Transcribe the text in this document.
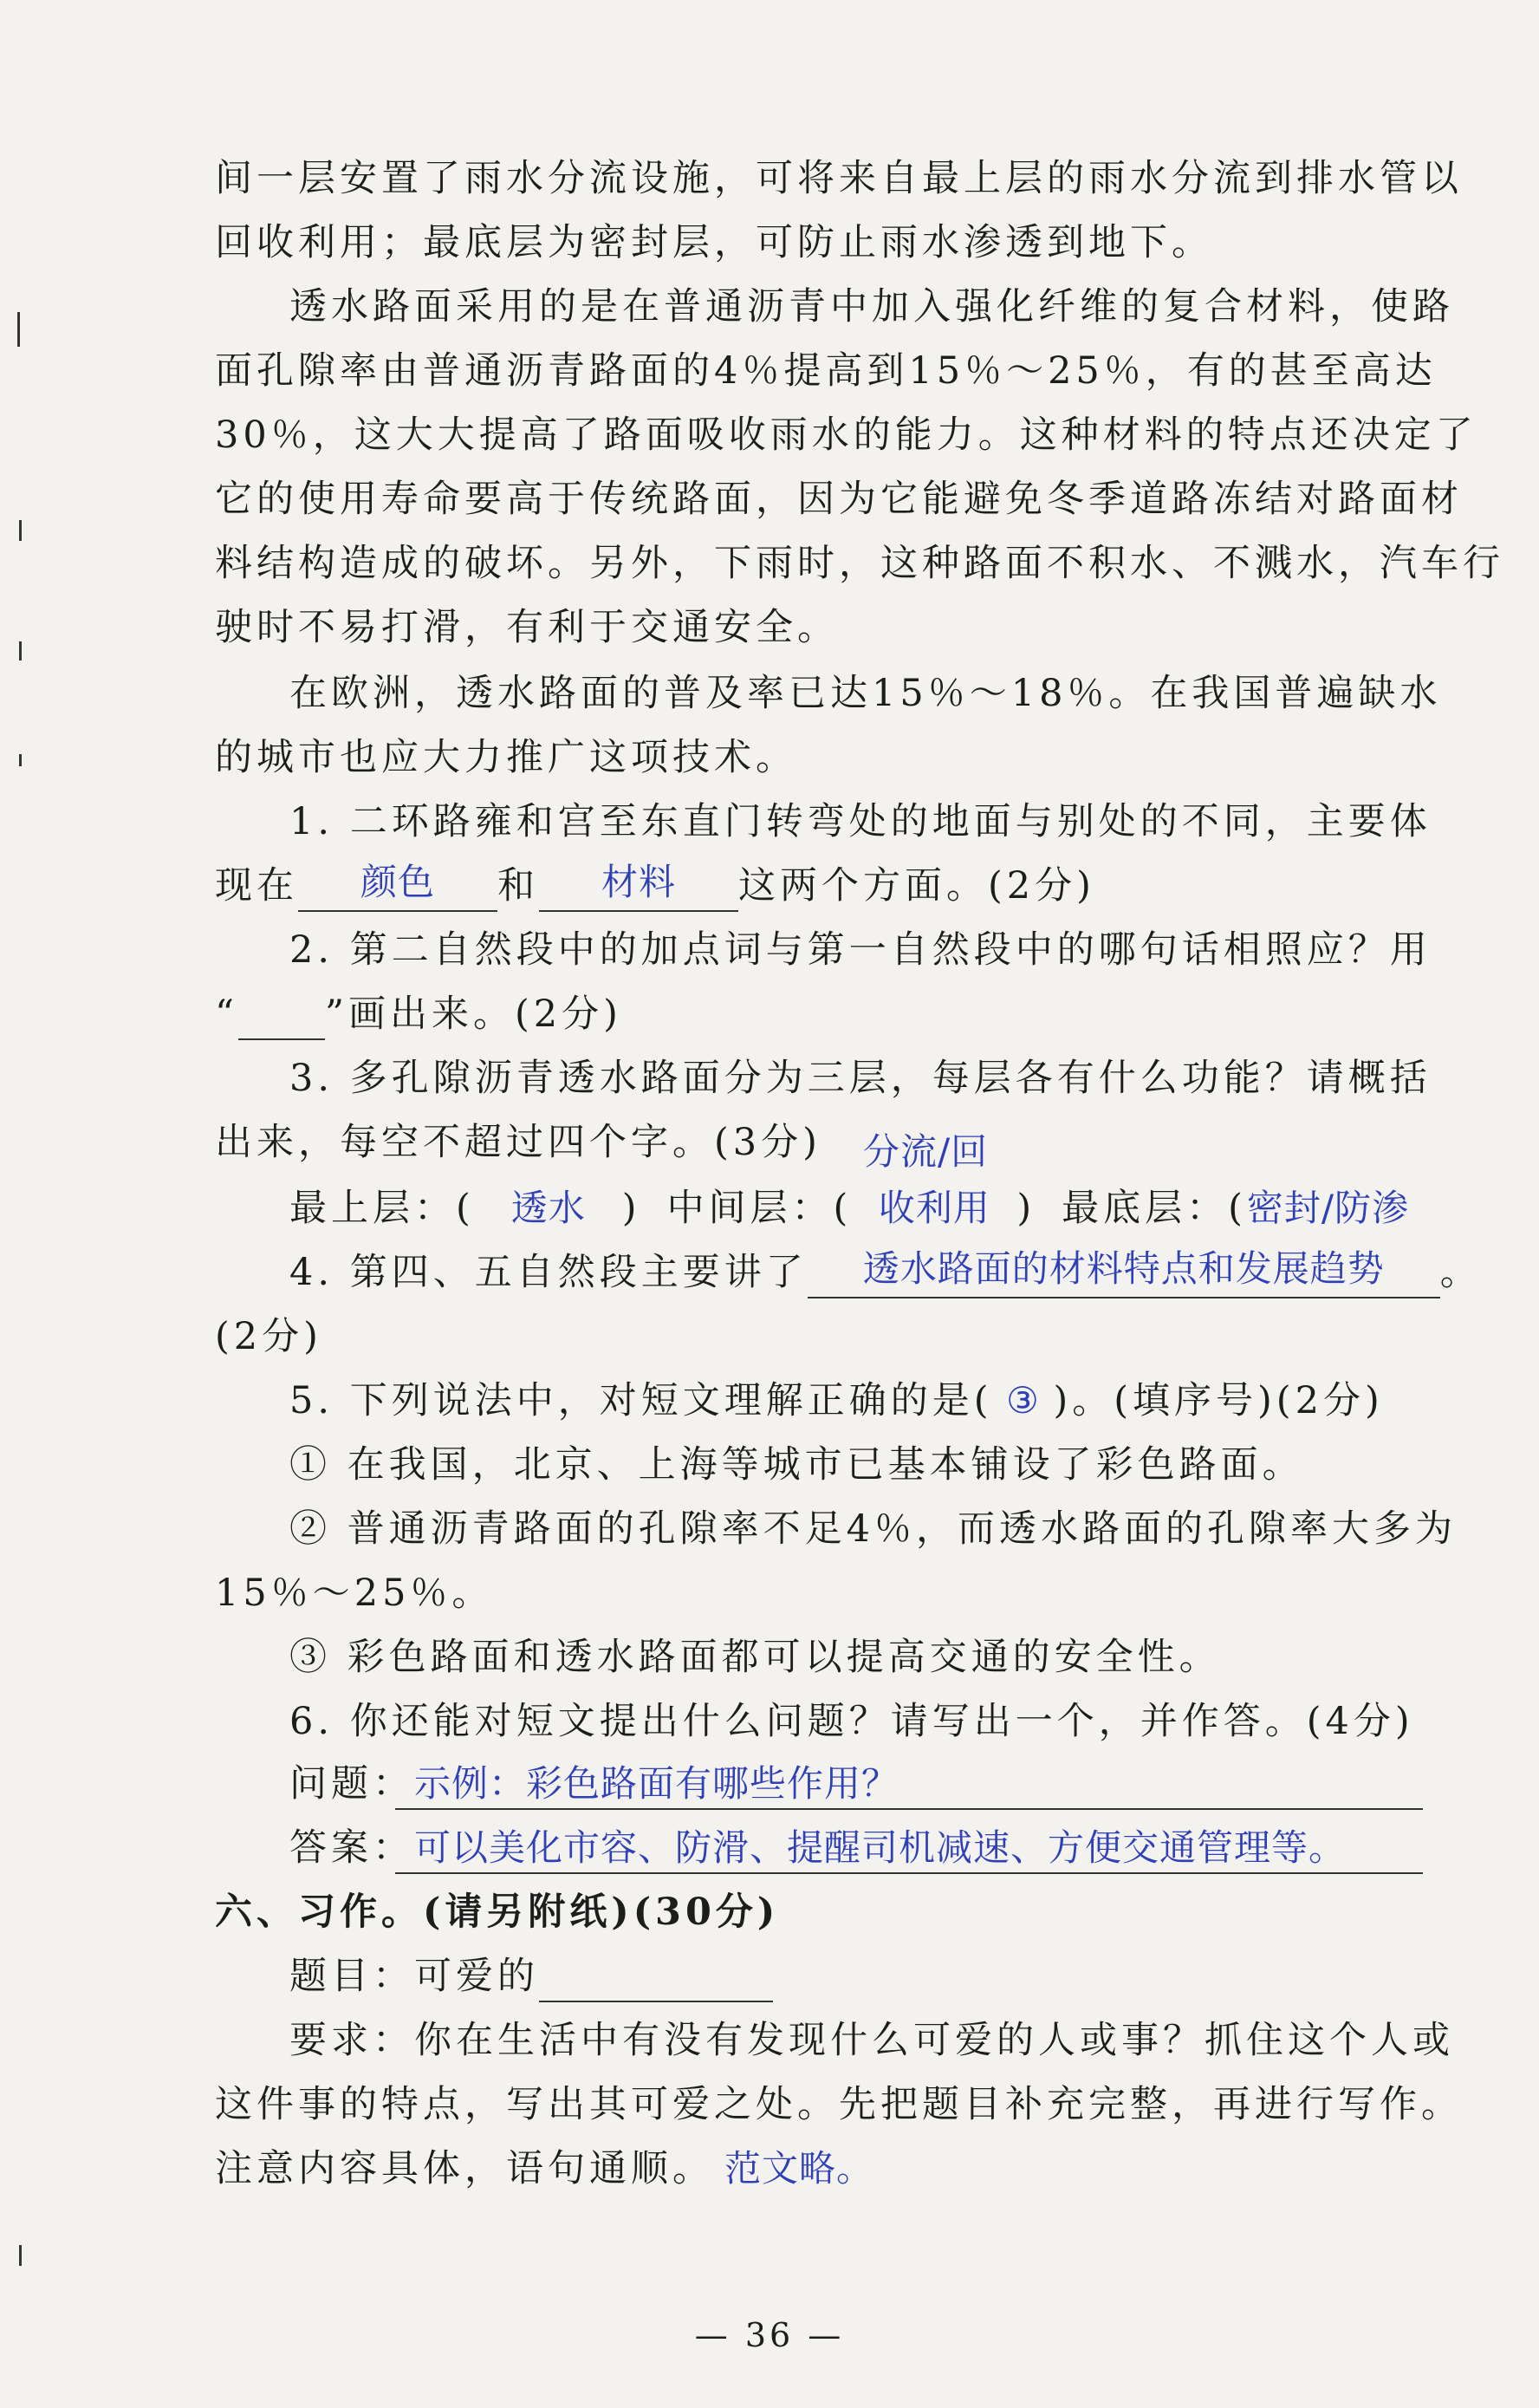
间一层安置了雨水分流设施，可将来自最上层的雨水分流到排水管以
回收利用；最底层为密封层，可防止雨水渗透到地下。
透水路面采用的是在普通沥青中加入强化纤维的复合材料，使路
面孔隙率由普通沥青路面的4％提高到15％～25％，有的甚至高达
30％，这大大提高了路面吸收雨水的能力。这种材料的特点还决定了
它的使用寿命要高于传统路面，因为它能避免冬季道路冻结对路面材
料结构造成的破坏。另外，下雨时，这种路面不积水、不溅水，汽车行
驶时不易打滑，有利于交通安全。
在欧洲，透水路面的普及率已达15％～18％。在我国普遍缺水
的城市也应大力推广这项技术。
1. 二环路雍和宫至东直门转弯处的地面与别处的不同，主要体
现在	颜色	和	材料	这两个方面。(2分)
2. 第二自然段中的加点词与第一自然段中的哪句话相照应？用
“ ”画出来。(2分)
3. 多孔隙沥青透水路面分为三层，每层各有什么功能？请概括
出来，每空不超过四个字。(3分)	分流/回
最上层：( 透水 ) 中间层：( 收利用 ) 最底层：(密封/防渗
4. 第四、五自然段主要讲了	透水路面的材料特点和发展趋势	。
(2分)
5. 下列说法中，对短文理解正确的是( ③ )。(填序号)(2分)
① 在我国，北京、上海等城市已基本铺设了彩色路面。
② 普通沥青路面的孔隙率不足4％，而透水路面的孔隙率大多为
15％～25％。
③ 彩色路面和透水路面都可以提高交通的安全性。
6. 你还能对短文提出什么问题？请写出一个，并作答。(4分)
问题：示例：彩色路面有哪些作用？
答案：可以美化市容、防滑、提醒司机减速、方便交通管理等。
六、习作。(请另附纸)(30分)
题目：可爱的
要求：你在生活中有没有发现什么可爱的人或事？抓住这个人或
这件事的特点，写出其可爱之处。先把题目补充完整，再进行写作。
注意内容具体，语句通顺。 范文略。
— 36 —
